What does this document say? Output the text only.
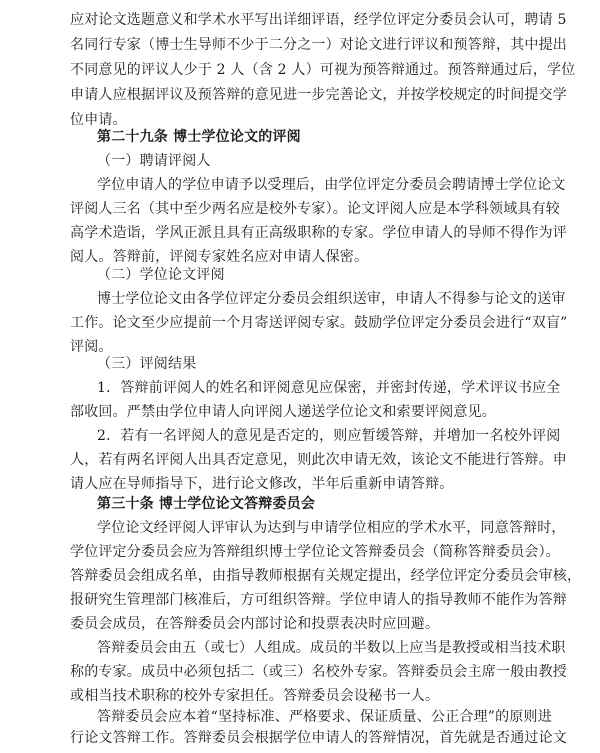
应对论文选题意义和学术水平写出详细评语，经学位评定分委员会认可，聘请 5
名同行专家（博士生导师不少于二分之一）对论文进行评议和预答辩，其中提出
不同意见的评议人少于 2 人（含 2 人）可视为预答辩通过。预答辩通过后，学位
申请人应根据评议及预答辩的意见进一步完善论文，并按学校规定的时间提交学
位申请。
第二十九条 博士学位论文的评阅
（一）聘请评阅人
学位申请人的学位申请予以受理后，由学位评定分委员会聘请博士学位论文
评阅人三名（其中至少两名应是校外专家）。论文评阅人应是本学科领域具有较
高学术造诣，学风正派且具有正高级职称的专家。学位申请人的导师不得作为评
阅人。答辩前，评阅专家姓名应对申请人保密。
（二）学位论文评阅
博士学位论文由各学位评定分委员会组织送审，申请人不得参与论文的送审
工作。论文至少应提前一个月寄送评阅专家。鼓励学位评定分委员会进行“双盲”
评阅。
（三）评阅结果
1．答辩前评阅人的姓名和评阅意见应保密，并密封传递，学术评议书应全
部收回。严禁由学位申请人向评阅人递送学位论文和索要评阅意见。
2．若有一名评阅人的意见是否定的，则应暂缓答辩，并增加一名校外评阅
人，若有两名评阅人出具否定意见，则此次申请无效，该论文不能进行答辩。申
请人应在导师指导下，进行论文修改，半年后重新申请答辩。
第三十条 博士学位论文答辩委员会
学位论文经评阅人评审认为达到与申请学位相应的学术水平，同意答辩时，
学位评定分委员会应为答辩组织博士学位论文答辩委员会（简称答辩委员会）。
答辩委员会组成名单，由指导教师根据有关规定提出，经学位评定分委员会审核，
报研究生管理部门核准后，方可组织答辩。学位申请人的指导教师不能作为答辩
委员会成员，在答辩委员会内部讨论和投票表决时应回避。
答辩委员会由五（或七）人组成。成员的半数以上应当是教授或相当技术职
称的专家。成员中必须包括二（或三）名校外专家。答辩委员会主席一般由教授
或相当技术职称的校外专家担任。答辩委员会设秘书一人。
答辩委员会应本着“坚持标准、严格要求、保证质量、公正合理”的原则进
行论文答辩工作。答辩委员会根据学位申请人的答辩情况，首先就是否通过论文
